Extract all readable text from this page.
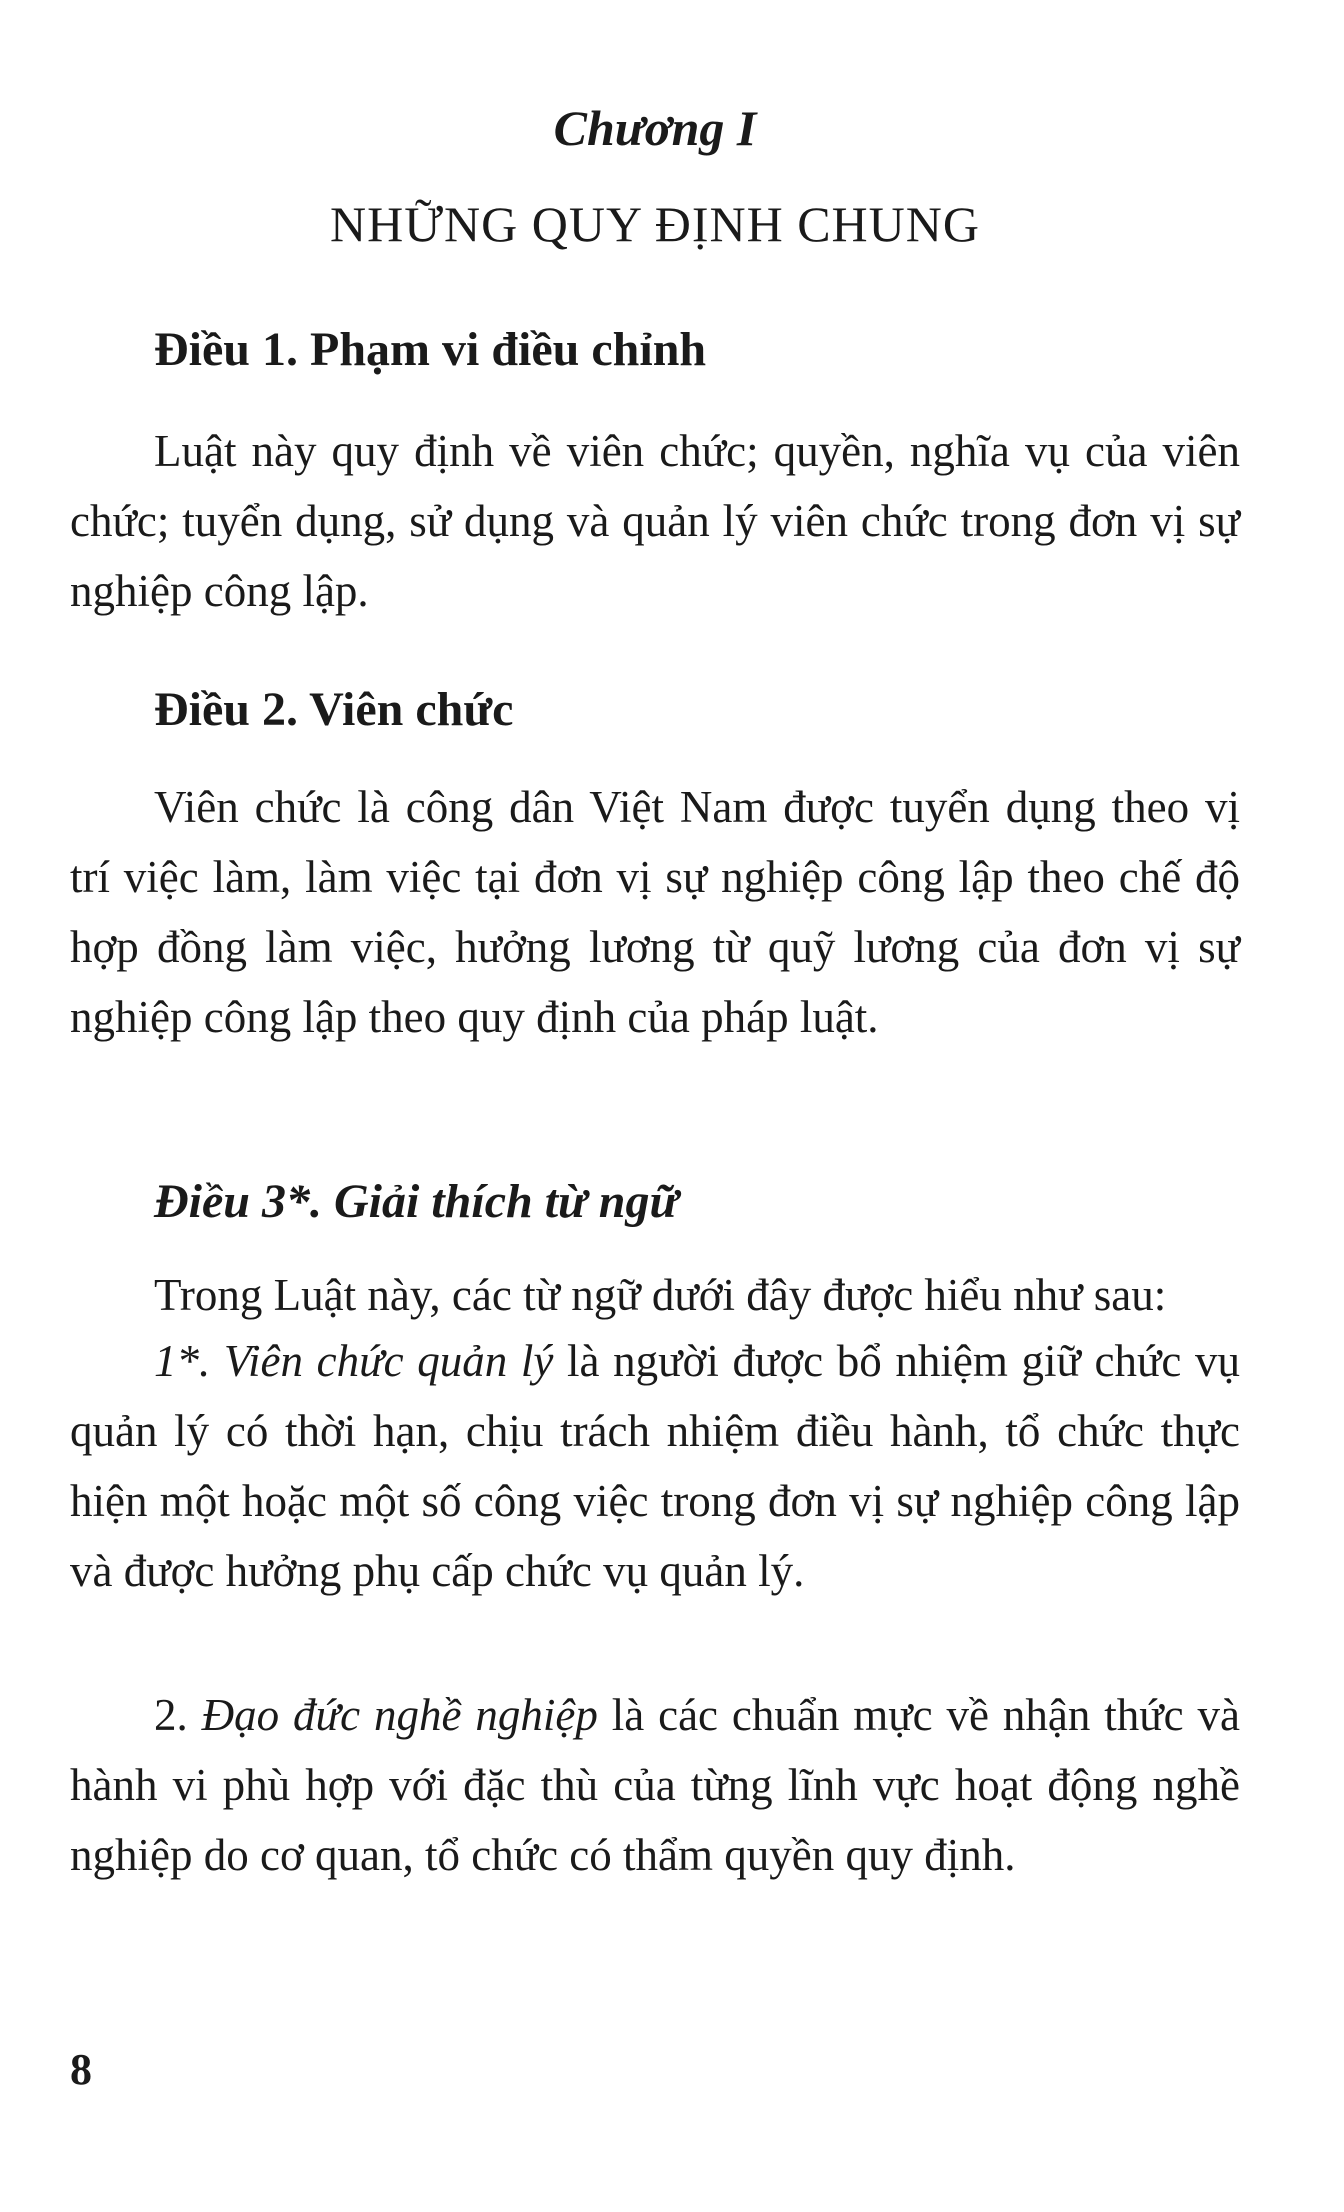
Chương I
NHỮNG QUY ĐỊNH CHUNG
Điều 1. Phạm vi điều chỉnh

Luật này quy định về viên chức; quyền, nghĩa vụ của viên chức; tuyển dụng, sử dụng và quản lý viên chức trong đơn vị sự nghiệp công lập.

Điều 2. Viên chức

Viên chức là công dân Việt Nam được tuyển dụng theo vị trí việc làm, làm việc tại đơn vị sự nghiệp công lập theo chế độ hợp đồng làm việc, hưởng lương từ quỹ lương của đơn vị sự nghiệp công lập theo quy định của pháp luật.

Điều 3*. Giải thích từ ngữ

Trong Luật này, các từ ngữ dưới đây được hiểu như sau:

1*. Viên chức quản lý là người được bổ nhiệm giữ chức vụ quản lý có thời hạn, chịu trách nhiệm điều hành, tổ chức thực hiện một hoặc một số công việc trong đơn vị sự nghiệp công lập và được hưởng phụ cấp chức vụ quản lý.

2. Đạo đức nghề nghiệp là các chuẩn mực về nhận thức và hành vi phù hợp với đặc thù của từng lĩnh vực hoạt động nghề nghiệp do cơ quan, tổ chức có thẩm quyền quy định.

8
